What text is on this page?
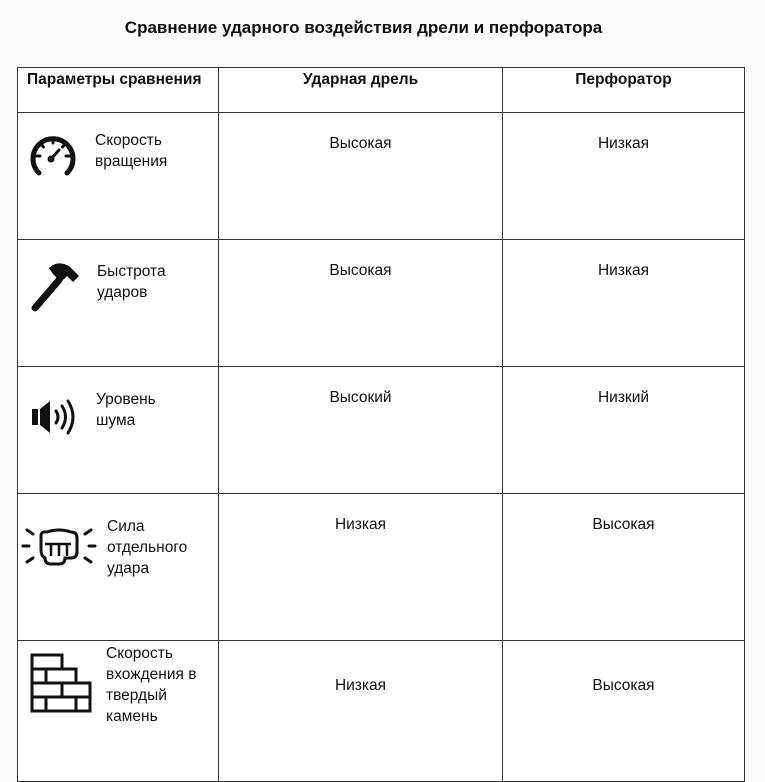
Сравнение ударного воздействия дрели и перфоратора
Параметры сравнения	Ударная дрель	Перфоратор

Скорость вращения	Высокая	Низкая

Быстрота ударов	Высокая	Низкая

Уровень шума	Высокий	Низкий

Сила отдельного удара	Низкая	Высокая

Скорость вхождения в твердый камень	Низкая	Высокая
